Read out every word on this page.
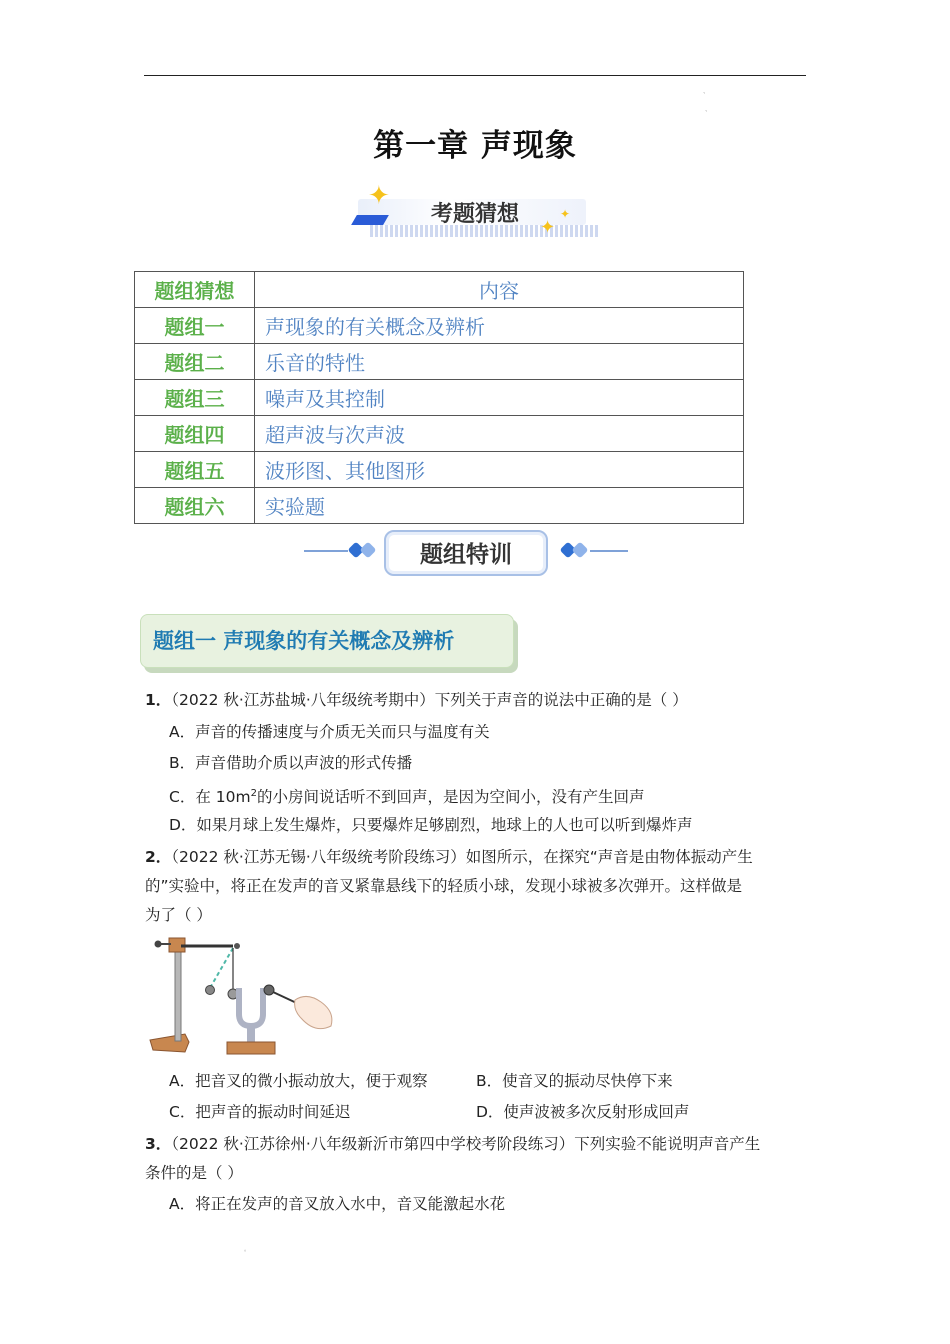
、
、
第一章 声现象
✦
✦
✦
考题猜想
题组猜想	内容
题组一	声现象的有关概念及辨析
题组二	乐音的特性
题组三	噪声及其控制
题组四	超声波与次声波
题组五	波形图、其他图形
题组六	实验题
题组特训
题组一 声现象的有关概念及辨析
1．（2022 秋·江苏盐城·八年级统考期中）下列关于声音的说法中正确的是（ ）
A．声音的传播速度与介质无关而只与温度有关
B．声音借助介质以声波的形式传播
C．在 $10m^2$的小房间说话听不到回声，是因为空间小，没有产生回声
D．如果月球上发生爆炸，只要爆炸足够剧烈，地球上的人也可以听到爆炸声
2．（2022 秋·江苏无锡·八年级统考阶段练习）如图所示，在探究“声音是由物体振动产生
的”实验中，将正在发声的音叉紧靠悬线下的轻质小球，发现小球被多次弹开。这样做是
为了（ ）
A．把音叉的微小振动放大，便于观察	B．使音叉的振动尽快停下来
C．把声音的振动时间延迟	D．使声波被多次反射形成回声
3．（2022 秋·江苏徐州·八年级新沂市第四中学校考阶段练习）下列实验不能说明声音产生
条件的是（ ）
A．将正在发声的音叉放入水中，音叉能激起水花
。
